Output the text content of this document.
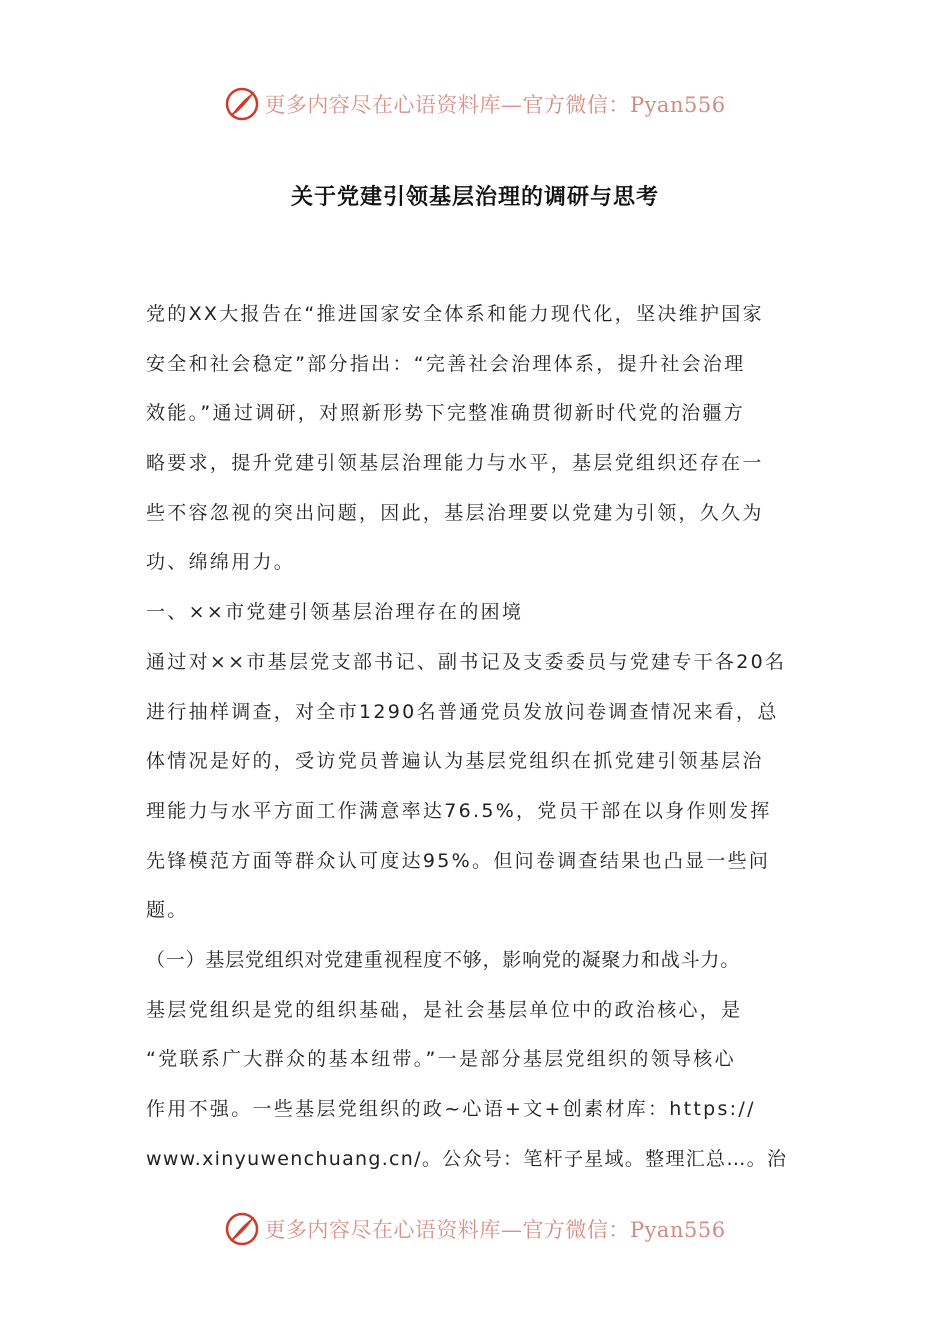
更多内容尽在心语资料库—官方微信：Pyan556
关于党建引领基层治理的调研与思考
党的XX大报告在“推进国家安全体系和能力现代化，坚决维护国家
安全和社会稳定”部分指出：“完善社会治理体系，提升社会治理
效能。”通过调研，对照新形势下完整准确贯彻新时代党的治疆方
略要求，提升党建引领基层治理能力与水平，基层党组织还存在一
些不容忽视的突出问题，因此，基层治理要以党建为引领，久久为
功、绵绵用力。
一、××市党建引领基层治理存在的困境
通过对××市基层党支部书记、副书记及支委委员与党建专干各20名
进行抽样调查，对全市1290名普通党员发放问卷调查情况来看，总
体情况是好的，受访党员普遍认为基层党组织在抓党建引领基层治
理能力与水平方面工作满意率达76.5%，党员干部在以身作则发挥
先锋模范方面等群众认可度达95%。但问卷调查结果也凸显一些问
题。
（一）基层党组织对党建重视程度不够，影响党的凝聚力和战斗力。
基层党组织是党的组织基础，是社会基层单位中的政治核心，是
“党联系广大群众的基本纽带。”一是部分基层党组织的领导核心
作用不强。一些基层党组织的政~心语+文+创素材库：https://
www.xinyuwenchuang.cn/。公众号：笔杆子星域。整理汇总…。治
更多内容尽在心语资料库—官方微信：Pyan556
